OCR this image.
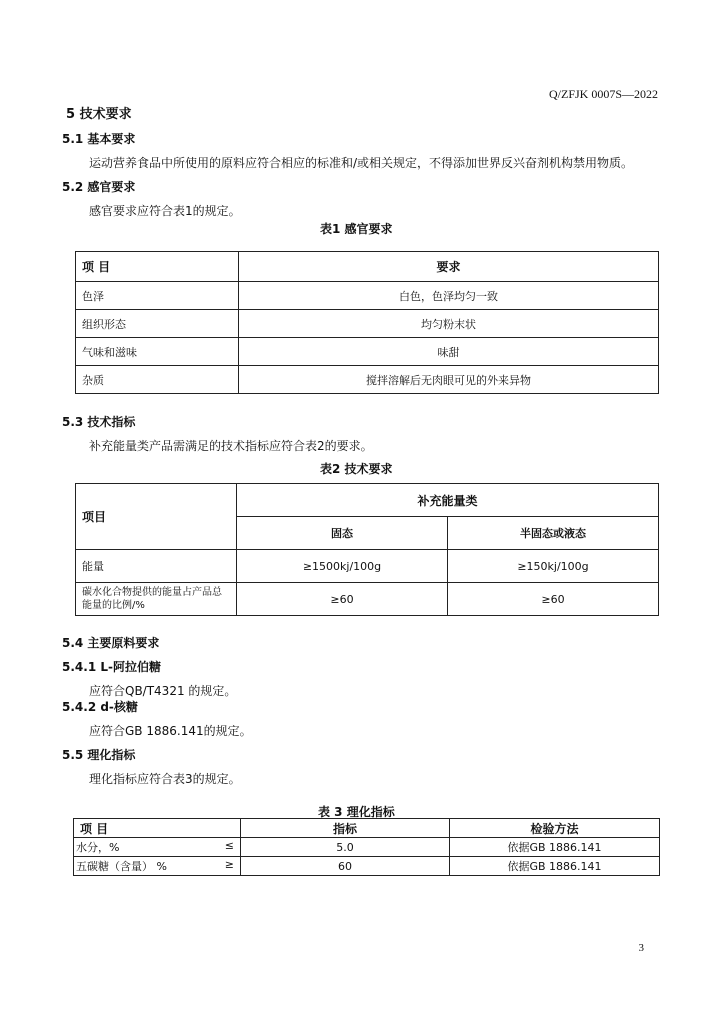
Q/ZFJK 0007S—2022
5 技术要求
5.1 基本要求
运动营养食品中所使用的原料应符合相应的标准和/或相关规定，不得添加世界反兴奋剂机构禁用物质。
5.2 感官要求
感官要求应符合表1的规定。
表1 感官要求
项 目	要求
色泽	白色，色泽均匀一致
组织形态	均匀粉末状
气味和滋味	味甜
杂质	搅拌溶解后无肉眼可见的外来异物
5.3 技术指标
补充能量类产品需满足的技术指标应符合表2的要求。
表2 技术要求
项目	补充能量类	
	固态	半固态或液态
能量	≥1500kj/100g	≥150kj/100g
碳水化合物提供的能量占产品总能量的比例/%	≥60	≥60
5.4 主要原料要求
5.4.1 L-阿拉伯糖
应符合QB/T4321 的规定。
5.4.2 d-核糖
应符合GB 1886.141的规定。
5.5 理化指标
理化指标应符合表3的规定。
表 3 理化指标
项 目	指标	检验方法
水分，% ≤	5.0	依据GB 1886.141
五碳糖（含量） % ≥	60	依据GB 1886.141
3
